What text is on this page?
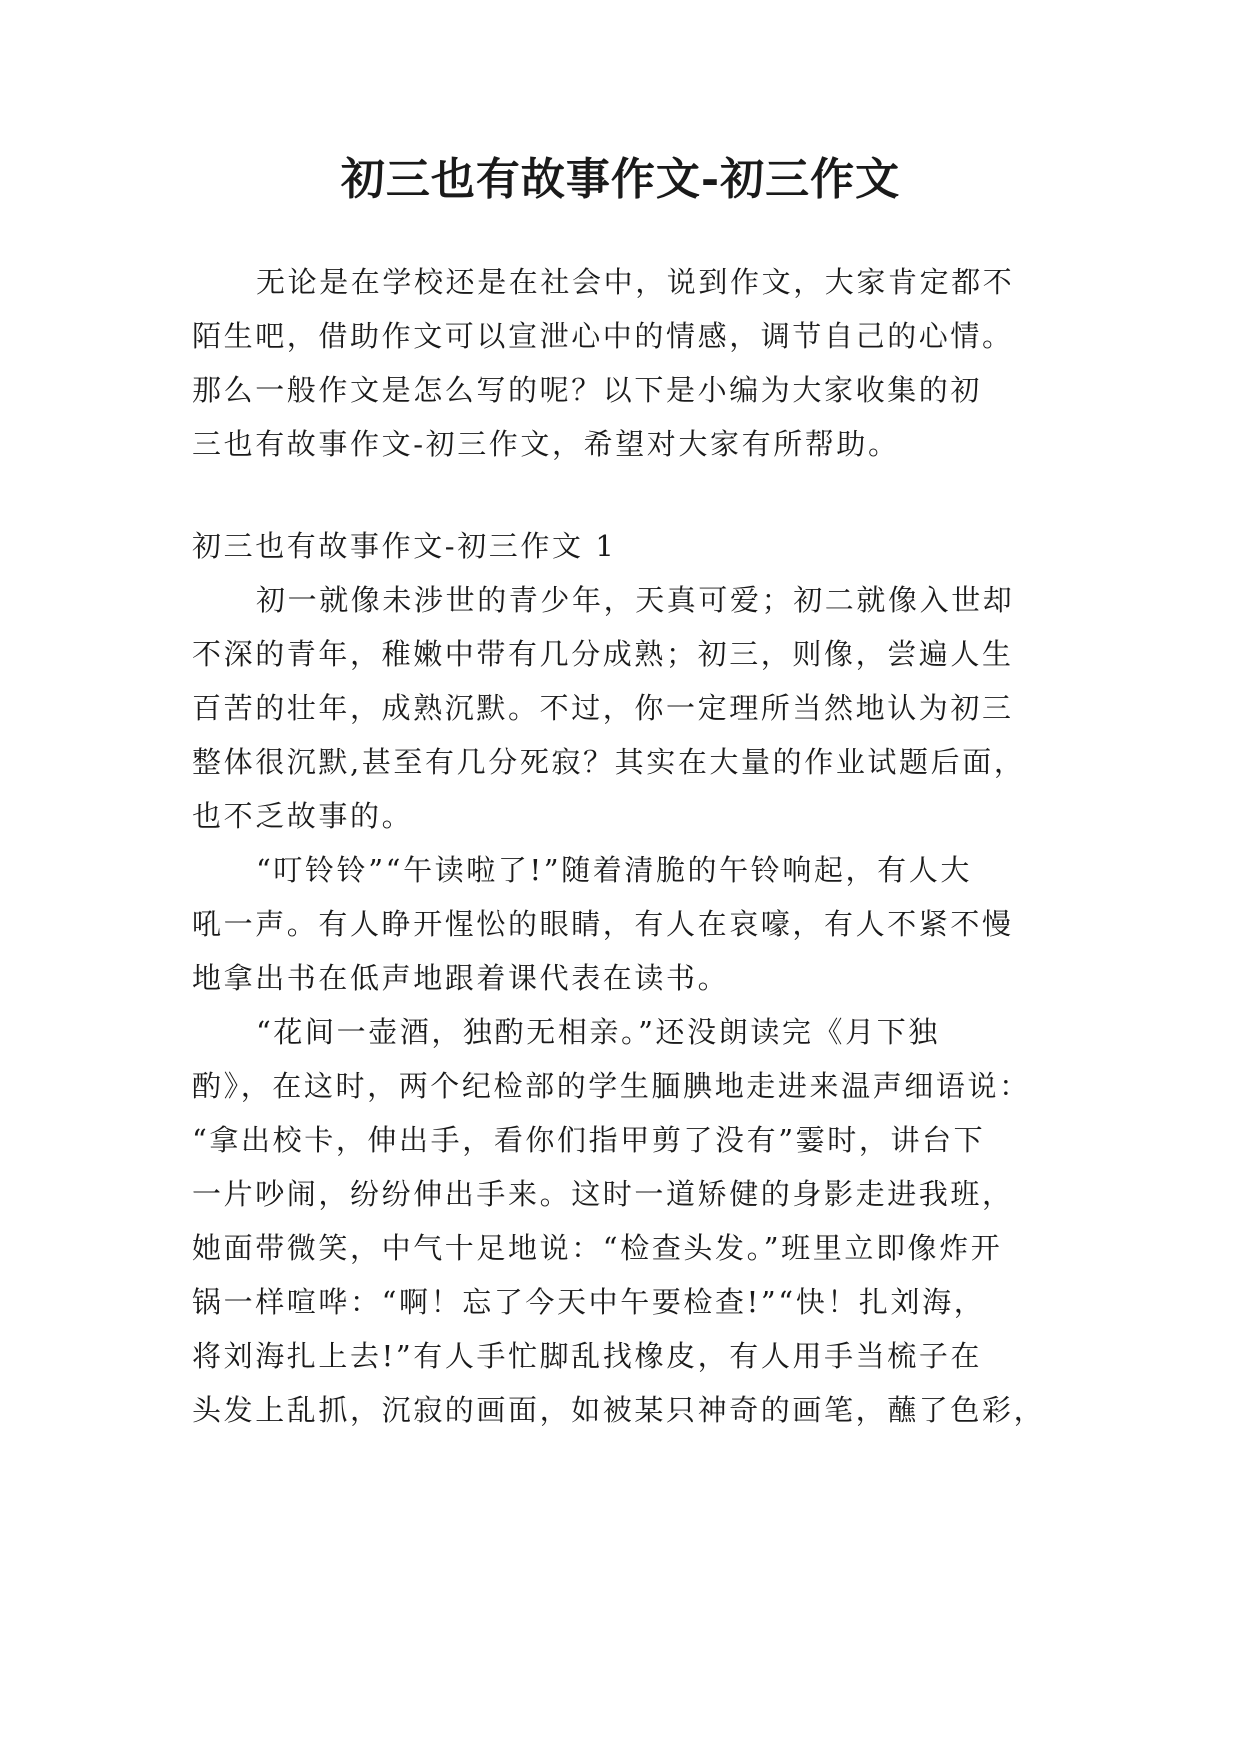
初三也有故事作文-初三作文
无论是在学校还是在社会中，说到作文，大家肯定都不
陌生吧，借助作文可以宣泄心中的情感，调节自己的心情。
那么一般作文是怎么写的呢？以下是小编为大家收集的初
三也有故事作文-初三作文，希望对大家有所帮助。
初三也有故事作文-初三作文 1
初一就像未涉世的青少年，天真可爱；初二就像入世却
不深的青年，稚嫩中带有几分成熟；初三，则像，尝遍人生
百苦的壮年，成熟沉默。不过，你一定理所当然地认为初三
整体很沉默,甚至有几分死寂？其实在大量的作业试题后面，
也不乏故事的。
“叮铃铃”“午读啦了!”随着清脆的午铃响起，有人大
吼一声。有人睁开惺忪的眼睛，有人在哀嚎，有人不紧不慢
地拿出书在低声地跟着课代表在读书。
“花间一壶酒，独酌无相亲。”还没朗读完《月下独
酌》，在这时，两个纪检部的学生腼腆地走进来温声细语说：
“拿出校卡，伸出手，看你们指甲剪了没有”霎时，讲台下
一片吵闹，纷纷伸出手来。这时一道矫健的身影走进我班，
她面带微笑，中气十足地说：“检查头发。”班里立即像炸开
锅一样喧哗：“啊！忘了今天中午要检查!”“快！扎刘海，
将刘海扎上去!”有人手忙脚乱找橡皮，有人用手当梳子在
头发上乱抓，沉寂的画面，如被某只神奇的画笔，蘸了色彩，
